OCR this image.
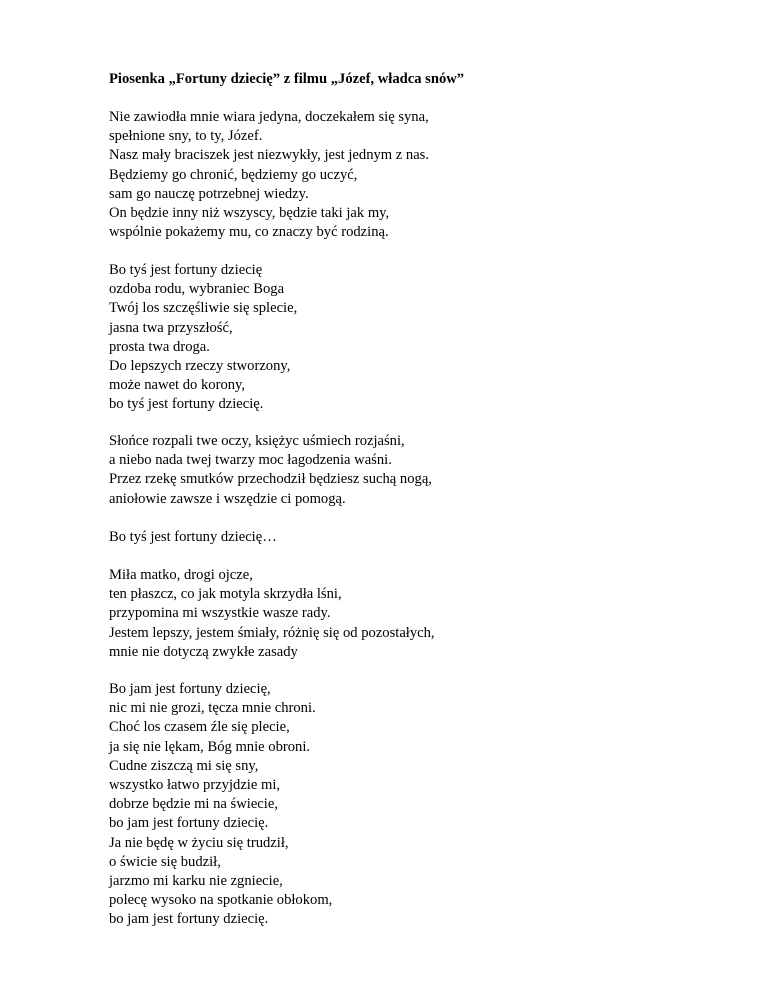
Piosenka „Fortuny dziecię” z filmu „Józef, władca snów”
Nie zawiodła mnie wiara jedyna, doczekałem się syna,
spełnione sny, to ty, Józef.
Nasz mały braciszek jest niezwykły, jest jednym z nas.
Będziemy go chronić, będziemy go uczyć,
sam go nauczę potrzebnej wiedzy.
On będzie inny niż wszyscy, będzie taki jak my,
wspólnie pokażemy mu, co znaczy być rodziną.
Bo tyś jest fortuny dziecię
ozdoba rodu, wybraniec Boga
Twój los szczęśliwie się splecie,
jasna twa przyszłość,
prosta twa droga.
Do lepszych rzeczy stworzony,
może nawet do korony,
bo tyś jest fortuny dziecię.
Słońce rozpali twe oczy, księżyc uśmiech rozjaśni,
a niebo nada twej twarzy moc łagodzenia waśni.
Przez rzekę smutków przechodził będziesz suchą nogą,
aniołowie zawsze i wszędzie ci pomogą.
Bo tyś jest fortuny dziecię…
Miła matko, drogi ojcze,
ten płaszcz, co jak motyla skrzydła lśni,
przypomina mi wszystkie wasze rady.
Jestem lepszy, jestem śmiały, różnię się od pozostałych,
mnie nie dotyczą zwykłe zasady
Bo jam jest fortuny dziecię,
nic mi nie grozi, tęcza mnie chroni.
Choć los czasem źle się plecie,
ja się nie lękam, Bóg mnie obroni.
Cudne ziszczą mi się sny,
wszystko łatwo przyjdzie mi,
dobrze będzie mi na świecie,
bo jam jest fortuny dziecię.
Ja nie będę w życiu się trudził,
o świcie się budził,
jarzmo mi karku nie zgniecie,
polecę wysoko na spotkanie obłokom,
bo jam jest fortuny dziecię.
